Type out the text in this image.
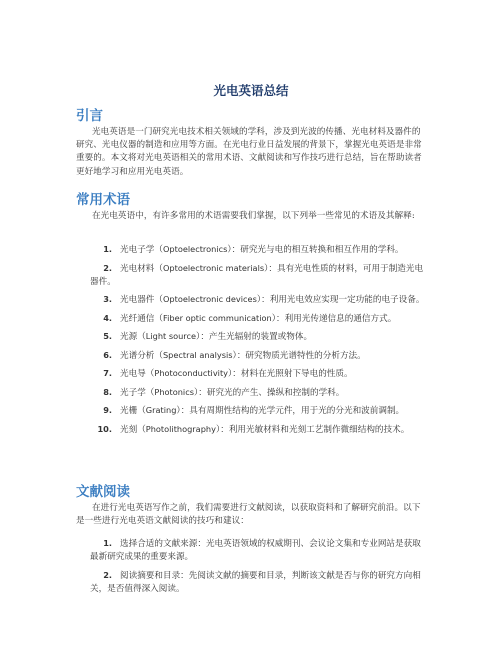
光电英语总结
引言

光电英语是一门研究光电技术相关领域的学科，涉及到光波的传播、光电材料及器件的研究、光电仪器的制造和应用等方面。在光电行业日益发展的背景下，掌握光电英语是非常重要的。本文将对光电英语相关的常用术语、文献阅读和写作技巧进行总结，旨在帮助读者更好地学习和应用光电英语。

常用术语

在光电英语中，有许多常用的术语需要我们掌握，以下列举一些常见的术语及其解释:

1. 光电子学（Optoelectronics）：研究光与电的相互转换和相互作用的学科。
2. 光电材料（Optoelectronic materials）：具有光电性质的材料，可用于制造光电器件。
3. 光电器件（Optoelectronic devices）：利用光电效应实现一定功能的电子设备。
4. 光纤通信（Fiber optic communication）：利用光传递信息的通信方式。
5. 光源（Light source）：产生光辐射的装置或物体。
6. 光谱分析（Spectral analysis）：研究物质光谱特性的分析方法。
7. 光电导（Photoconductivity）：材料在光照射下导电的性质。
8. 光子学（Photonics）：研究光的产生、操纵和控制的学科。
9. 光栅（Grating）：具有周期性结构的光学元件，用于光的分光和波前调制。
10. 光刻（Photolithography）：利用光敏材料和光刻工艺制作微细结构的技术。
文献阅读

在进行光电英语写作之前，我们需要进行文献阅读，以获取资料和了解研究前沿。以下是一些进行光电英语文献阅读的技巧和建议：

1. 选择合适的文献来源：光电英语领域的权威期刊、会议论文集和专业网站是获取最新研究成果的重要来源。
2. 阅读摘要和目录：先阅读文献的摘要和目录，判断该文献是否与你的研究方向相关，是否值得深入阅读。
